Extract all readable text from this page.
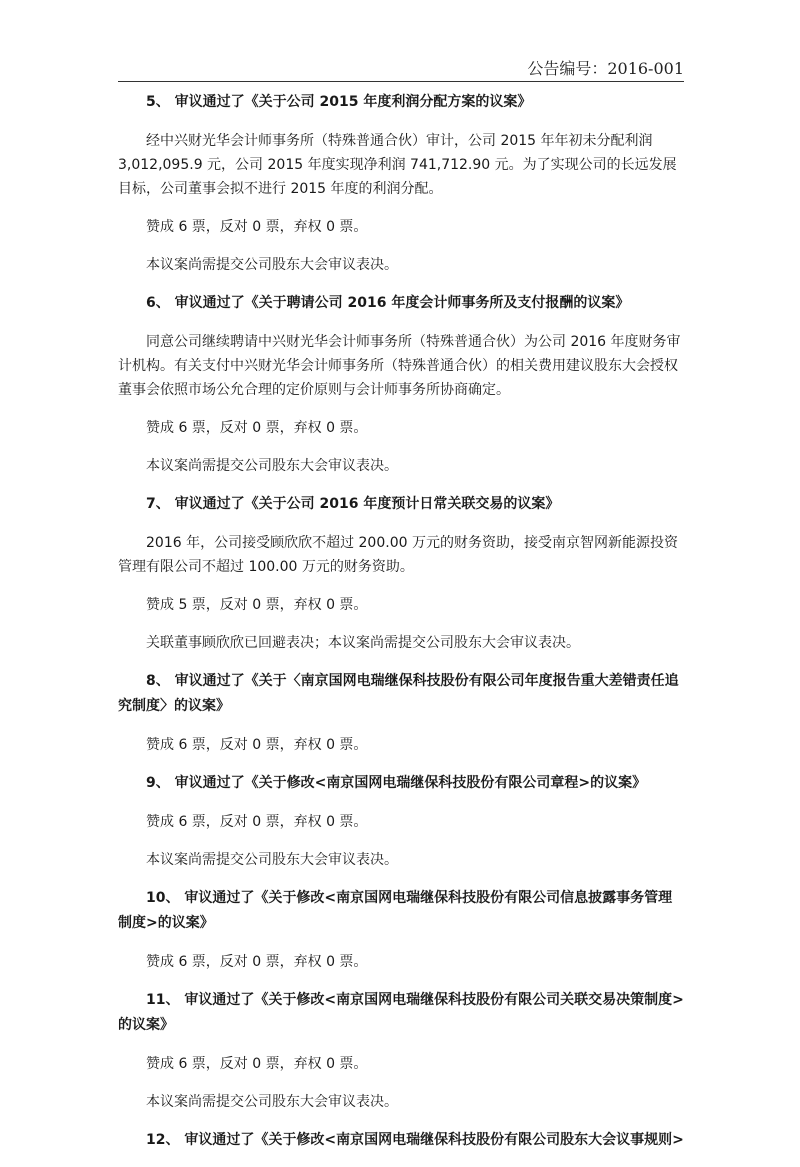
公告编号：2016-001

5、 审议通过了《关于公司 2015 年度利润分配方案的议案》

经中兴财光华会计师事务所（特殊普通合伙）审计，公司 2015 年年初未分配利润 3,012,095.9 元，公司 2015 年度实现净利润 741,712.90 元。为了实现公司的长远发展目标，公司董事会拟不进行 2015 年度的利润分配。

赞成 6 票，反对 0 票，弃权 0 票。

本议案尚需提交公司股东大会审议表决。

6、 审议通过了《关于聘请公司 2016 年度会计师事务所及支付报酬的议案》

同意公司继续聘请中兴财光华会计师事务所（特殊普通合伙）为公司 2016 年度财务审计机构。有关支付中兴财光华会计师事务所（特殊普通合伙）的相关费用建议股东大会授权董事会依照市场公允合理的定价原则与会计师事务所协商确定。

赞成 6 票，反对 0 票，弃权 0 票。

本议案尚需提交公司股东大会审议表决。

7、 审议通过了《关于公司 2016 年度预计日常关联交易的议案》

2016 年，公司接受顾欣欣不超过 200.00 万元的财务资助，接受南京智网新能源投资管理有限公司不超过 100.00 万元的财务资助。

赞成 5 票，反对 0 票，弃权 0 票。

关联董事顾欣欣已回避表决；本议案尚需提交公司股东大会审议表决。

8、 审议通过了《关于〈南京国网电瑞继保科技股份有限公司年度报告重大差错责任追究制度〉的议案》

赞成 6 票，反对 0 票，弃权 0 票。

9、 审议通过了《关于修改<南京国网电瑞继保科技股份有限公司章程>的议案》

赞成 6 票，反对 0 票，弃权 0 票。

本议案尚需提交公司股东大会审议表决。

10、 审议通过了《关于修改<南京国网电瑞继保科技股份有限公司信息披露事务管理制度>的议案》

赞成 6 票，反对 0 票，弃权 0 票。

11、 审议通过了《关于修改<南京国网电瑞继保科技股份有限公司关联交易决策制度>的议案》

赞成 6 票，反对 0 票，弃权 0 票。

本议案尚需提交公司股东大会审议表决。

12、 审议通过了《关于修改<南京国网电瑞继保科技股份有限公司股东大会议事规则>
